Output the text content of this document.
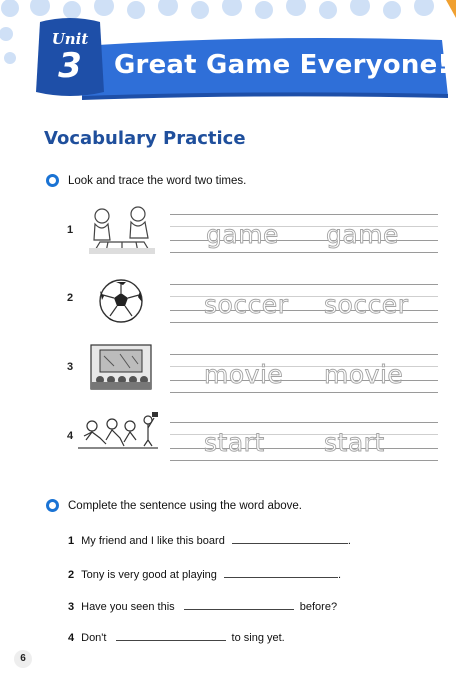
Unit
3	Great Game Everyone!
Vocabulary Practice
Look and trace the word two times.
1	game game
2	soccer soccer
3	movie movie
4	start start
Complete the sentence using the word above.
1 My friend and I like this board	.
2 Tony is very good at playing	.
3 Have you seen this	before?
4 Don't	to sing yet.
6
